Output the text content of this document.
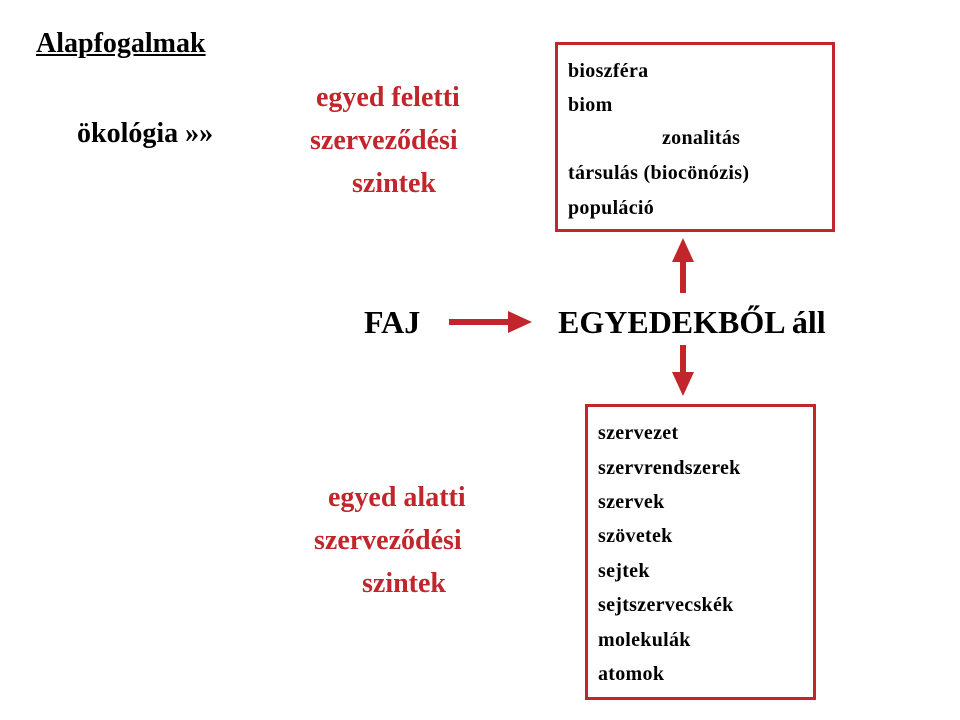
Alapfogalmak
ökológia »»
egyed feletti
szerveződési
szintek
egyed alatti
szerveződési
szintek
bioszféra
biom
zonalitás
társulás (biocönózis)
populáció
szervezet
szervrendszerek
szervek
szövetek
sejtek
sejtszervecskék
molekulák
atomok
FAJ	EGYEDEKBŐL áll
